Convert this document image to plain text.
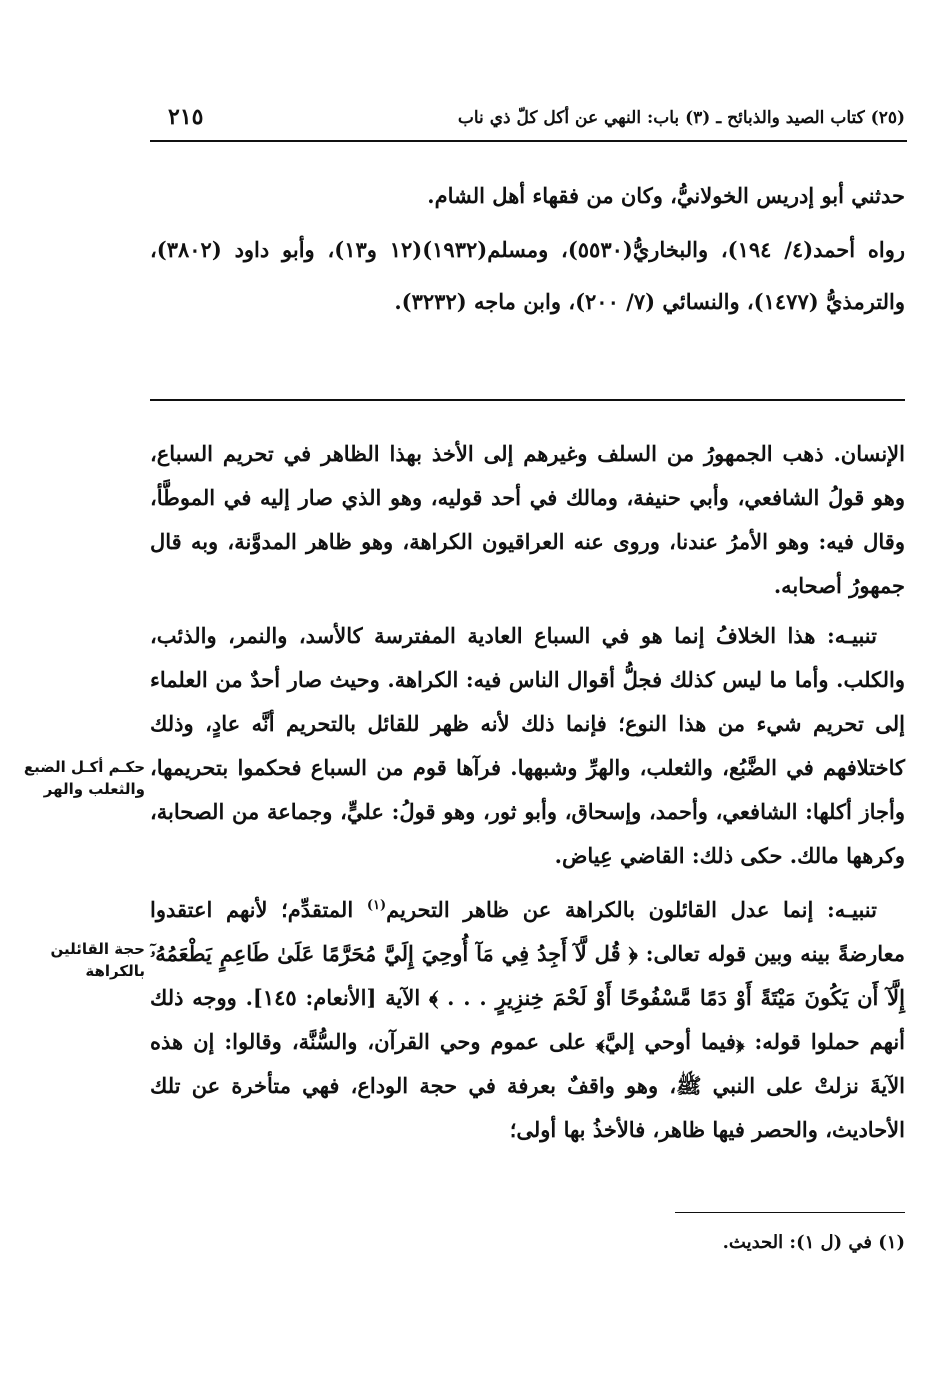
(٢٥) كتاب الصيد والذبائح ـ (٣) باب: النهي عن أكل كلّ ذي ناب
٢١٥

حدثني أبو إدريس الخولانيُّ، وكان من فقهاء أهل الشام.

رواه أحمد(٤/ ١٩٤)، والبخاريُّ(٥٥٣٠)، ومسلم(١٩٣٢)(١٢ و١٣)، وأبو داود (٣٨٠٢)، والترمذيُّ (١٤٧٧)، والنسائي (٧/ ٢٠٠)، وابن ماجه (٣٢٣٢).

الإنسان. ذهب الجمهورُ من السلف وغيرهم إلى الأخذ بهذا الظاهر في تحريم السباع، وهو قولُ الشافعي، وأبي حنيفة، ومالك في أحد قوليه، وهو الذي صار إليه في الموطَّأ، وقال فيه: وهو الأمرُ عندنا، وروى عنه العراقيون الكراهة، وهو ظاهر المدوَّنة، وبه قال جمهورُ أصحابه.

تنبيـه: هذا الخلافُ إنما هو في السباع العادية المفترسة كالأسد، والنمر، والذئب، والكلب. وأما ما ليس كذلك فجلُّ أقوال الناس فيه: الكراهة. وحيث صار أحدٌ من العلماء إلى تحريم شيء من هذا النوع؛ فإنما ذلك لأنه ظهر للقائل بالتحريم أنَّه عادٍ، وذلك كاختلافهم في الضَّبُع، والثعلب، والهرِّ وشبهها. فرآها قوم من السباع فحكموا بتحريمها، وأجاز أكلها: الشافعي، وأحمد، وإسحاق، وأبو ثور، وهو قولُ: عليٍّ، وجماعة من الصحابة، وكرهها مالك. حكى ذلك: القاضي عِياض.

تنبيـه: إنما عدل القائلون بالكراهة عن ظاهر التحريم$^{(١)}$ المتقدِّم؛ لأنهم اعتقدوا معارضةً بينه وبين قوله تعالى: ﴿ قُل لَّآ أَجِدُ فِي مَآ أُوحِيَ إِلَيَّ مُحَرَّمًا عَلَىٰ طَاعِمٍ يَطْعَمُهُۥٓ إِلَّآ أَن يَكُونَ مَيْتَةً أَوْ دَمًا مَّسْفُوحًا أَوْ لَحْمَ خِنزِيرٍ . . . ﴾ الآية [الأنعام: ١٤٥]. ووجه ذلك أنهم حملوا قوله: ﴿فيما أوحي إليَّ﴾ على عموم وحي القرآن، والسُّنَّة، وقالوا: إن هذه الآيةَ نزلتْ على النبي ﷺ، وهو واقفٌ بعرفة في حجة الوداع، فهي متأخرة عن تلك الأحاديث، والحصر فيها ظاهر، فالأخذُ بها أولى؛

حكـم أكـل الضبع والثعلب والهر
حجة القائلين بالكراهة
(١) في (ل ١): الحديث.
